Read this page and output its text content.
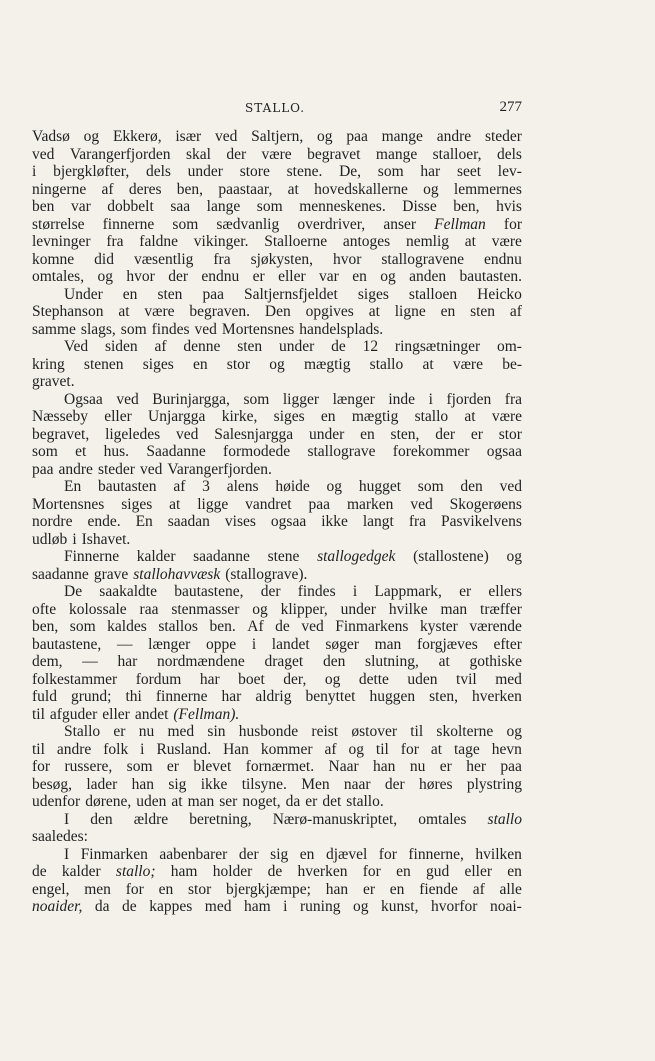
STALLO.	277
Vadsø og Ekkerø, især ved Saltjern, og paa mange andre steder
ved Varangerfjorden skal der være begravet mange stalloer, dels
i bjergkløfter, dels under store stene. De, som har seet lev-
ningerne af deres ben, paastaar, at hovedskallerne og lemmernes
ben var dobbelt saa lange som menneskenes. Disse ben, hvis
størrelse finnerne som sædvanlig overdriver, anser Fellman for
levninger fra faldne vikinger. Stalloerne antoges nemlig at være
komne did væsentlig fra sjøkysten, hvor stallogravene endnu
omtales, og hvor der endnu er eller var en og anden bautasten.
Under en sten paa Saltjernsfjeldet siges stalloen Heicko
Stephanson at være begraven. Den opgives at ligne en sten af
samme slags, som findes ved Mortensnes handelsplads.
Ved siden af denne sten under de 12 ringsætninger om-
kring stenen siges en stor og mægtig stallo at være be-
gravet.
Ogsaa ved Burinjargga, som ligger længer inde i fjorden fra
Næsseby eller Unjargga kirke, siges en mægtig stallo at være
begravet, ligeledes ved Salesnjargga under en sten, der er stor
som et hus. Saadanne formodede stallograve forekommer ogsaa
paa andre steder ved Varangerfjorden.
En bautasten af 3 alens høide og hugget som den ved
Mortensnes siges at ligge vandret paa marken ved Skogerøens
nordre ende. En saadan vises ogsaa ikke langt fra Pasvikelvens
udløb i Ishavet.
Finnerne kalder saadanne stene stallogedgek (stallostene) og
saadanne grave stallohavvæsk (stallograve).
De saakaldte bautastene, der findes i Lappmark, er ellers
ofte kolossale raa stenmasser og klipper, under hvilke man træffer
ben, som kaldes stallos ben. Af de ved Finmarkens kyster værende
bautastene, — længer oppe i landet søger man forgjæves efter
dem, — har nordmændene draget den slutning, at gothiske
folkestammer fordum har boet der, og dette uden tvil med
fuld grund; thi finnerne har aldrig benyttet huggen sten, hverken
til afguder eller andet (Fellman).
Stallo er nu med sin husbonde reist østover til skolterne og
til andre folk i Rusland. Han kommer af og til for at tage hevn
for russere, som er blevet fornærmet. Naar han nu er her paa
besøg, lader han sig ikke tilsyne. Men naar der høres plystring
udenfor dørene, uden at man ser noget, da er det stallo.
I den ældre beretning, Nærø-manuskriptet, omtales stallo
saaledes:
I Finmarken aabenbarer der sig en djævel for finnerne, hvilken
de kalder stallo; ham holder de hverken for en gud eller en
engel, men for en stor bjergkjæmpe; han er en fiende af alle
noaider, da de kappes med ham i runing og kunst, hvorfor noai-
